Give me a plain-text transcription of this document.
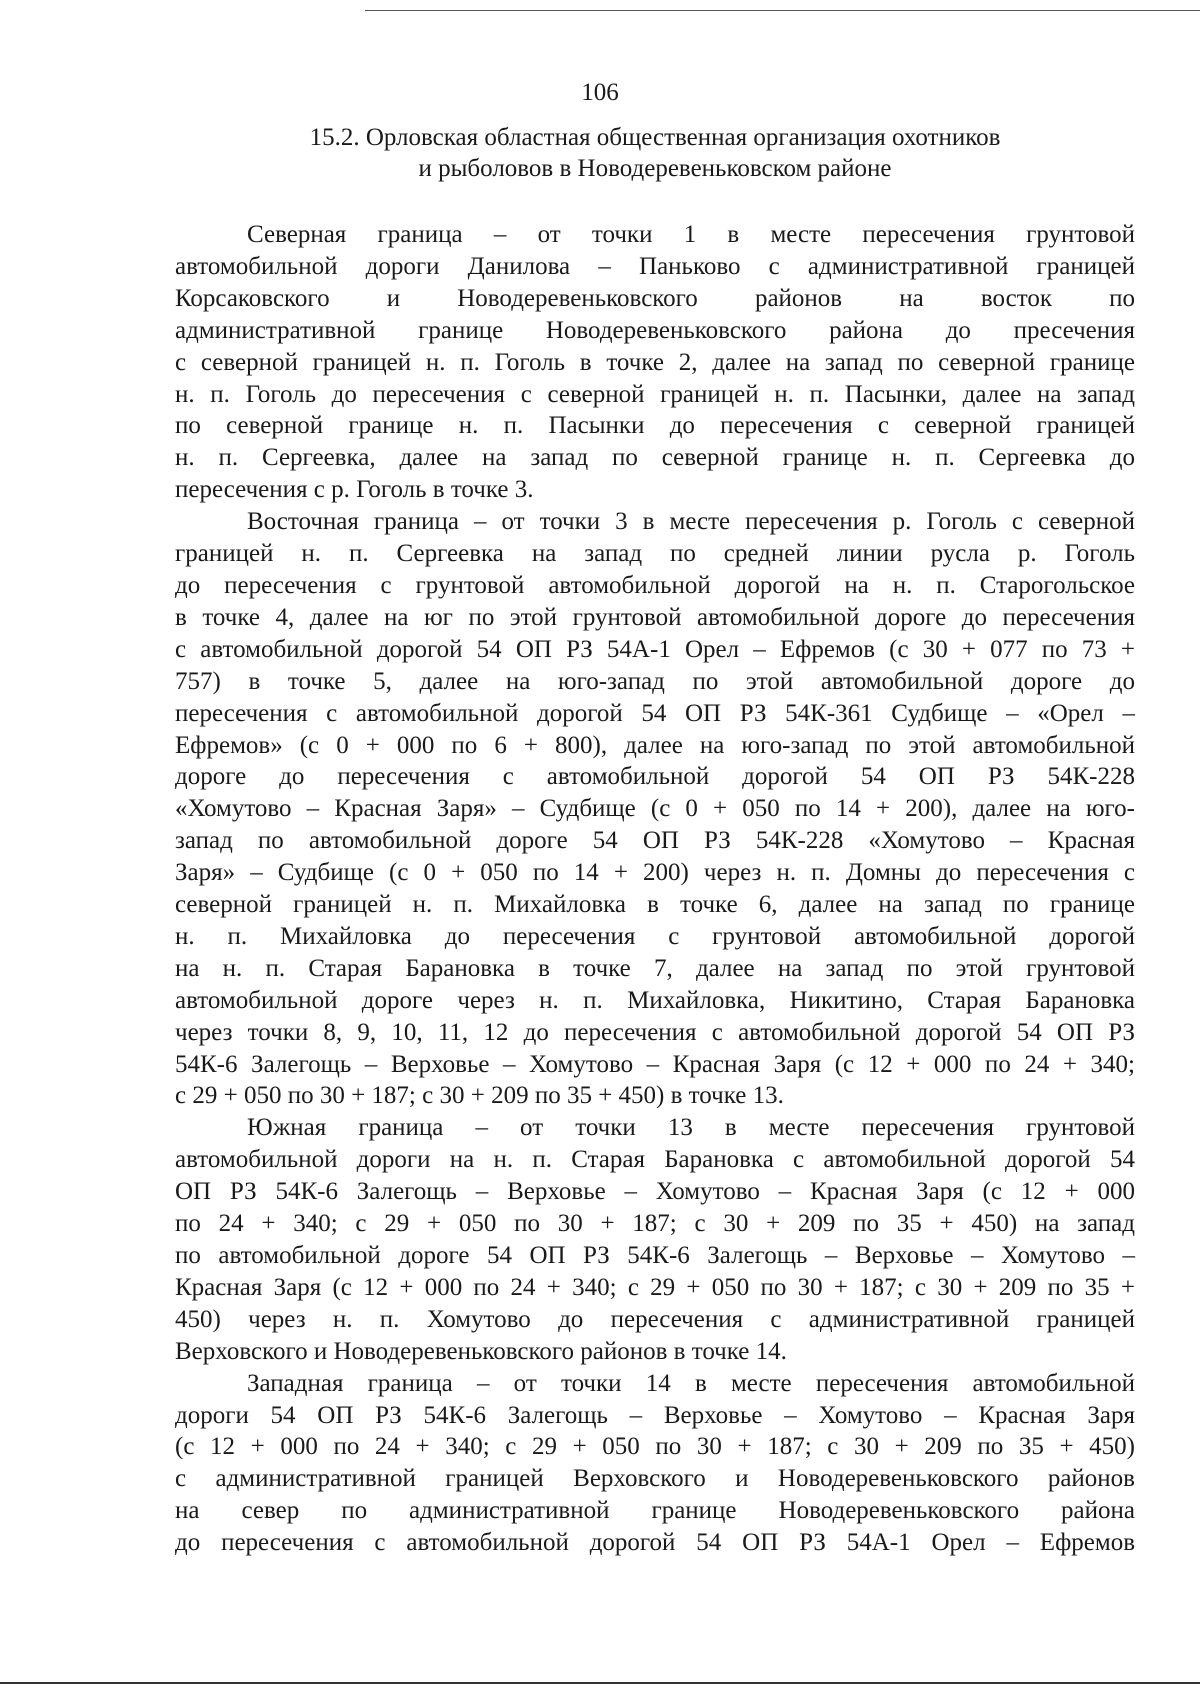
106
15.2. Орловская областная общественная организация охотников
и рыболовов в Новодеревеньковском районе
Северная граница – от точки 1 в месте пересечения грунтовой
автомобильной дороги Данилова – Паньково с административной границей
Корсаковского и Новодеревеньковского районов на восток по
административной границе Новодеревеньковского района до пресечения
с северной границей н. п. Гоголь в точке 2, далее на запад по северной границе
н. п. Гоголь до пересечения с северной границей н. п. Пасынки, далее на запад
по северной границе н. п. Пасынки до пересечения с северной границей
н. п. Сергеевка, далее на запад по северной границе н. п. Сергеевка до
пересечения с р. Гоголь в точке 3.
Восточная граница – от точки 3 в месте пересечения р. Гоголь с северной
границей н. п. Сергеевка на запад по средней линии русла р. Гоголь
до пересечения с грунтовой автомобильной дорогой на н. п. Старогольское
в точке 4, далее на юг по этой грунтовой автомобильной дороге до пересечения
с автомобильной дорогой 54 ОП РЗ 54А-1 Орел – Ефремов (с 30 + 077 по 73 +
757) в точке 5, далее на юго-запад по этой автомобильной дороге до
пересечения с автомобильной дорогой 54 ОП РЗ 54К-361 Судбище – «Орел –
Ефремов» (с 0 + 000 по 6 + 800), далее на юго-запад по этой автомобильной
дороге до пересечения с автомобильной дорогой 54 ОП РЗ 54К-228
«Хомутово – Красная Заря» – Судбище (с 0 + 050 по 14 + 200), далее на юго-
запад по автомобильной дороге 54 ОП РЗ 54К-228 «Хомутово – Красная
Заря» – Судбище (с 0 + 050 по 14 + 200) через н. п. Домны до пересечения с
северной границей н. п. Михайловка в точке 6, далее на запад по границе
н. п. Михайловка до пересечения с грунтовой автомобильной дорогой
на н. п. Старая Барановка в точке 7, далее на запад по этой грунтовой
автомобильной дороге через н. п. Михайловка, Никитино, Старая Барановка
через точки 8, 9, 10, 11, 12 до пересечения с автомобильной дорогой 54 ОП РЗ
54К-6 Залегощь – Верховье – Хомутово – Красная Заря (с 12 + 000 по 24 + 340;
с 29 + 050 по 30 + 187; с 30 + 209 по 35 + 450) в точке 13.
Южная граница – от точки 13 в месте пересечения грунтовой
автомобильной дороги на н. п. Старая Барановка с автомобильной дорогой 54
ОП РЗ 54К-6 Залегощь – Верховье – Хомутово – Красная Заря (с 12 + 000
по 24 + 340; с 29 + 050 по 30 + 187; с 30 + 209 по 35 + 450) на запад
по автомобильной дороге 54 ОП РЗ 54К-6 Залегощь – Верховье – Хомутово –
Красная Заря (с 12 + 000 по 24 + 340; с 29 + 050 по 30 + 187; с 30 + 209 по 35 +
450) через н. п. Хомутово до пересечения с административной границей
Верховского и Новодеревеньковского районов в точке 14.
Западная граница – от точки 14 в месте пересечения автомобильной
дороги 54 ОП РЗ 54К-6 Залегощь – Верховье – Хомутово – Красная Заря
(с 12 + 000 по 24 + 340; с 29 + 050 по 30 + 187; с 30 + 209 по 35 + 450)
с административной границей Верховского и Новодеревеньковского районов
на север по административной границе Новодеревеньковского района
до пересечения с автомобильной дорогой 54 ОП РЗ 54А-1 Орел – Ефремов
